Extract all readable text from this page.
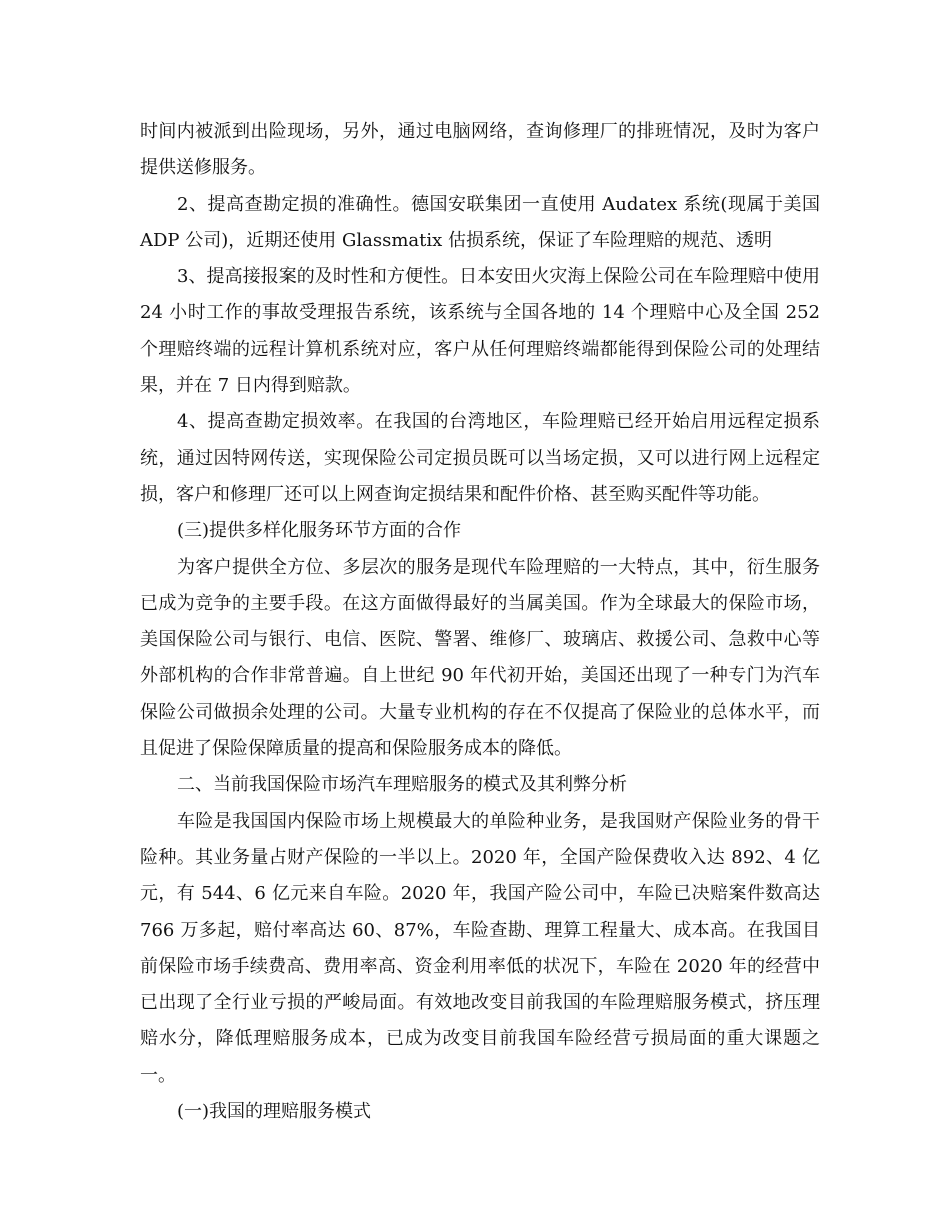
时间内被派到出险现场，另外，通过电脑网络，查询修理厂的排班情况，及时为客户提供送修服务。

2、提高查勘定损的准确性。德国安联集团一直使用 Audatex 系统(现属于美国 ADP 公司)，近期还使用 Glassmatix 估损系统，保证了车险理赔的规范、透明

3、提高接报案的及时性和方便性。日本安田火灾海上保险公司在车险理赔中使用 24 小时工作的事故受理报告系统，该系统与全国各地的 14 个理赔中心及全国 252 个理赔终端的远程计算机系统对应，客户从任何理赔终端都能得到保险公司的处理结果，并在 7 日内得到赔款。

4、提高查勘定损效率。在我国的台湾地区，车险理赔已经开始启用远程定损系统，通过因特网传送，实现保险公司定损员既可以当场定损，又可以进行网上远程定损，客户和修理厂还可以上网查询定损结果和配件价格、甚至购买配件等功能。

(三)提供多样化服务环节方面的合作

为客户提供全方位、多层次的服务是现代车险理赔的一大特点，其中，衍生服务已成为竞争的主要手段。在这方面做得最好的当属美国。作为全球最大的保险市场，美国保险公司与银行、电信、医院、警署、维修厂、玻璃店、救援公司、急救中心等外部机构的合作非常普遍。自上世纪 90 年代初开始，美国还出现了一种专门为汽车保险公司做损余处理的公司。大量专业机构的存在不仅提高了保险业的总体水平，而且促进了保险保障质量的提高和保险服务成本的降低。

二、当前我国保险市场汽车理赔服务的模式及其利弊分析

车险是我国国内保险市场上规模最大的单险种业务，是我国财产保险业务的骨干险种。其业务量占财产保险的一半以上。2020 年，全国产险保费收入达 892、4 亿元，有 544、6 亿元来自车险。2020 年，我国产险公司中，车险已决赔案件数高达 766 万多起，赔付率高达 60、87%，车险查勘、理算工程量大、成本高。在我国目前保险市场手续费高、费用率高、资金利用率低的状况下，车险在 2020 年的经营中已出现了全行业亏损的严峻局面。有效地改变目前我国的车险理赔服务模式，挤压理赔水分，降低理赔服务成本，已成为改变目前我国车险经营亏损局面的重大课题之一。

(一)我国的理赔服务模式
